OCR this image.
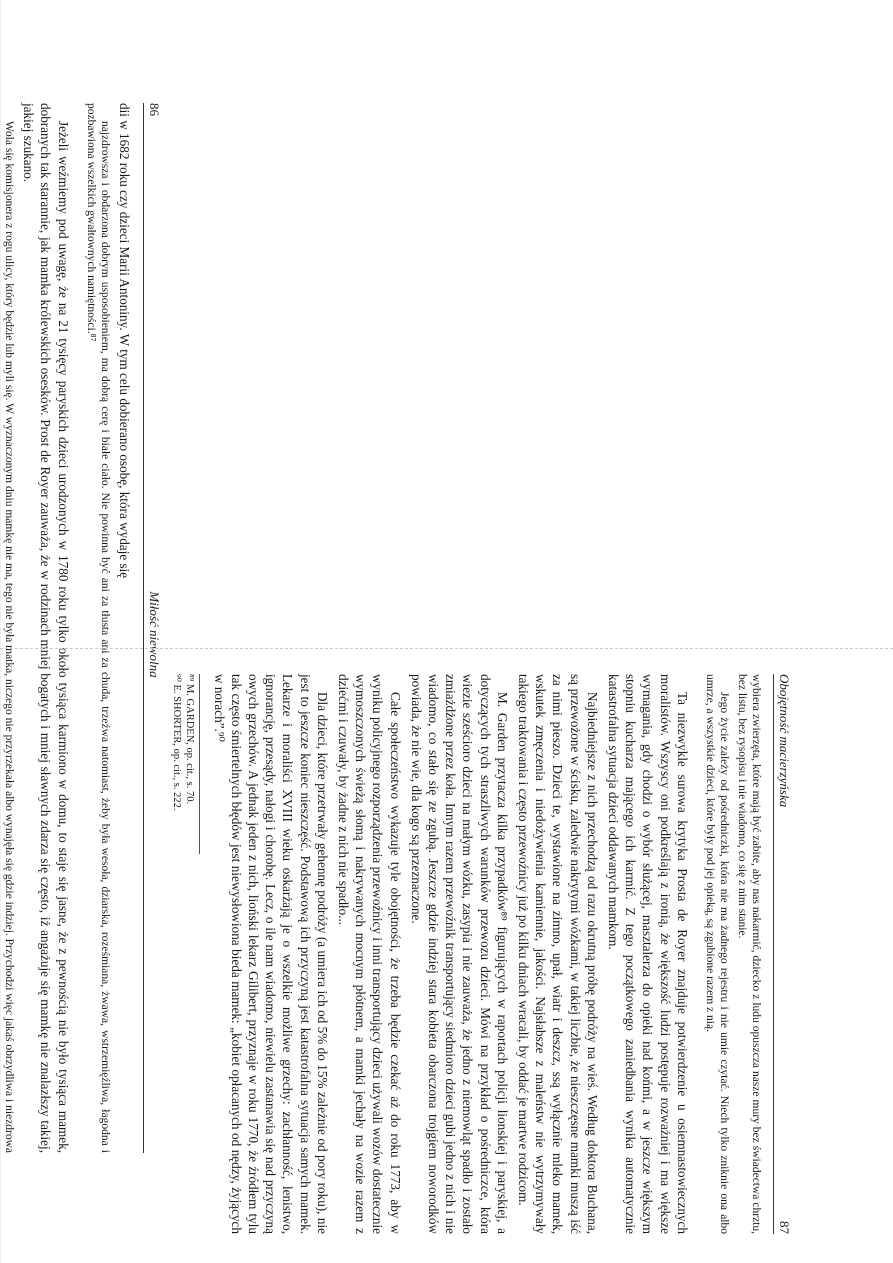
86
Miłość niewolna

dii w 1682 roku czy dzieci Marii Antoniny. W tym celu dobierano osobę, która wydaje się

najzdrowsza i obdarzona dobrym usposobieniem, ma dobrą cerę i białe ciało. Nie powinna być ani za tłusta ani za chuda, trzeźwa natomiast, żeby była wesoła, dziarska, roześmiana, żwawa, wstrzemięźliwa, łagodna i pozbawiona wszelkich gwałtownych namiętności.⁸⁷

Jeżeli weźmiemy pod uwagę, że na 21 tysięcy paryskich dzieci urodzonych w 1780 roku tylko około tysiąca karmiono w domu, to staje się jasne, że z pewnością nie było tysiąca mamek, dobranych tak starannie, jak mamka królewskich osesków. Prost de Royer zauważa, że w rodzinach mniej bogatych i mniej sławnych zdarza się często, iż angażuje się mamkę nie znalazłszy takiej, jakiej szukano.

Wola się komisjonera z rogu ulicy, który będzie lub myli się. W wyznaczonym dniu mamkę nie ma, tego nie była matka, niczego nie przyrzekała albo wynajęła się gdzie indziej. Przychodzi więc jakaś obrzydliwa i niezdrowa

Obojętność macierzyńska
87

wybiera zwierzęta, które mają być zabite, aby nas nakarmić, dziecko z ludu opuszcza nasze mury bez świadectwa chrztu, bez listu, bez rysopisu i nie wiadomo, co się z nim stanie.

Jego życie zależy od pośredniczki, która nie ma żadnego rejestru i nie umie czytać. Niech tylko zniknie ona albo umrze, a wszystkie dzieci, które były pod jej opieką, są zgubione razem z nią.

Ta niezwykle surowa krytyka Prosta de Royer znajduje potwierdzenie u osiemnastowiecznych moralistów. Wszyscy oni podkreślają z ironią, że większość ludzi postępuje rozważniej i ma większe wymagania, gdy chodzi o wybór służącej, masztalerza do opieki nad końmi, a w jeszcze większym stopniu kucharza mającego ich karmić. Z tego początkowego zaniedbania wynika automatycznie katastrofalna sytuacja dzieci oddawanych mamkom.

Najbiedniejsze z nich przechodzą od razu okrutną próbę podróży na wieś. Według doktora Buchana, są przewożone w ścisku, zaledwie nakrytymi wózkami, w takiej liczbie, że nieszczęsne mamki muszą iść za nimi pieszo. Dzieci te, wystawione na zimno, upał, wiatr i deszcz, ssą wyłącznie mleko mamek, wskutek zmęczenia i niedożywienia kamiennie, jakości. Najsłabsze z maleństw nie wytrzymywały takiego traktowania i często przewoźnicy już po kilku dniach wracali, by oddać je martwe rodzicom.

M. Garden przytacza kilka przypadków⁸⁹ figurujących w raportach policji lionskiej i paryskiej, a dotyczących tych straszliwych warunków przewozu dzieci. Mówi na przykład o pośredniczce, która wiezie sześcioro dzieci na małym wózku, zasypia i nie zauważa, że jedno z niemowląt spadło i zostało zmiażdżone przez koła. Innym razem przewoźnik transportujący siedmioro dzieci gubi jedno z nich i nie wiadomo, co stało się ze zgubą. Jeszcze gdzie indziej stara kobieta obarczona trojgiem noworodków powiada, że nie wie, dla kogo są przeznaczone.

Całe społeczeństwo wykazuje tyle obojętności, że trzeba będzie czekać aż do roku 1773, aby w wyniku policyjnego rozporządzenia przewoźnicy i inni transportujący dzieci używali wozów dostatecznie wymoszczonych świeżą słomą i nakrywanych mocnym płótnem, a mamki jechały na wozie razem z dziećmi i czuwały, by żadne z nich nie spadło...

Dla dzieci, które przetrwały gehennę podróży (a umiera ich od 5% do 15% zależnie od pory roku), nie jest to jeszcze koniec nieszczęść. Podstawową ich przyczyną jest katastrofalna sytuacja samych mamek. Lekarze i moraliści XVIII wieku oskarżają je o wszelkie możliwe grzechy: zachłanność, lenistwo, ignorancję, przesądy, nałogi i chorobę. Lecz, o ile nam wiadomo, niewielu zastanawia się nad przyczyną owych grzechów. A jednak jeden z nich, lioński lekarz Gilibert, przyznaje w roku 1770, że źródłem tylu tak często śmiertelnych błędów jest niewysłowiona bieda mamek: „kobiet opłacanych od nędzy, żyjących w norach”.⁹⁰

⁸⁹ M. GARDEN, op. cit., s. 70.
⁹⁰ E. SHORTER, op. cit., s. 222.
